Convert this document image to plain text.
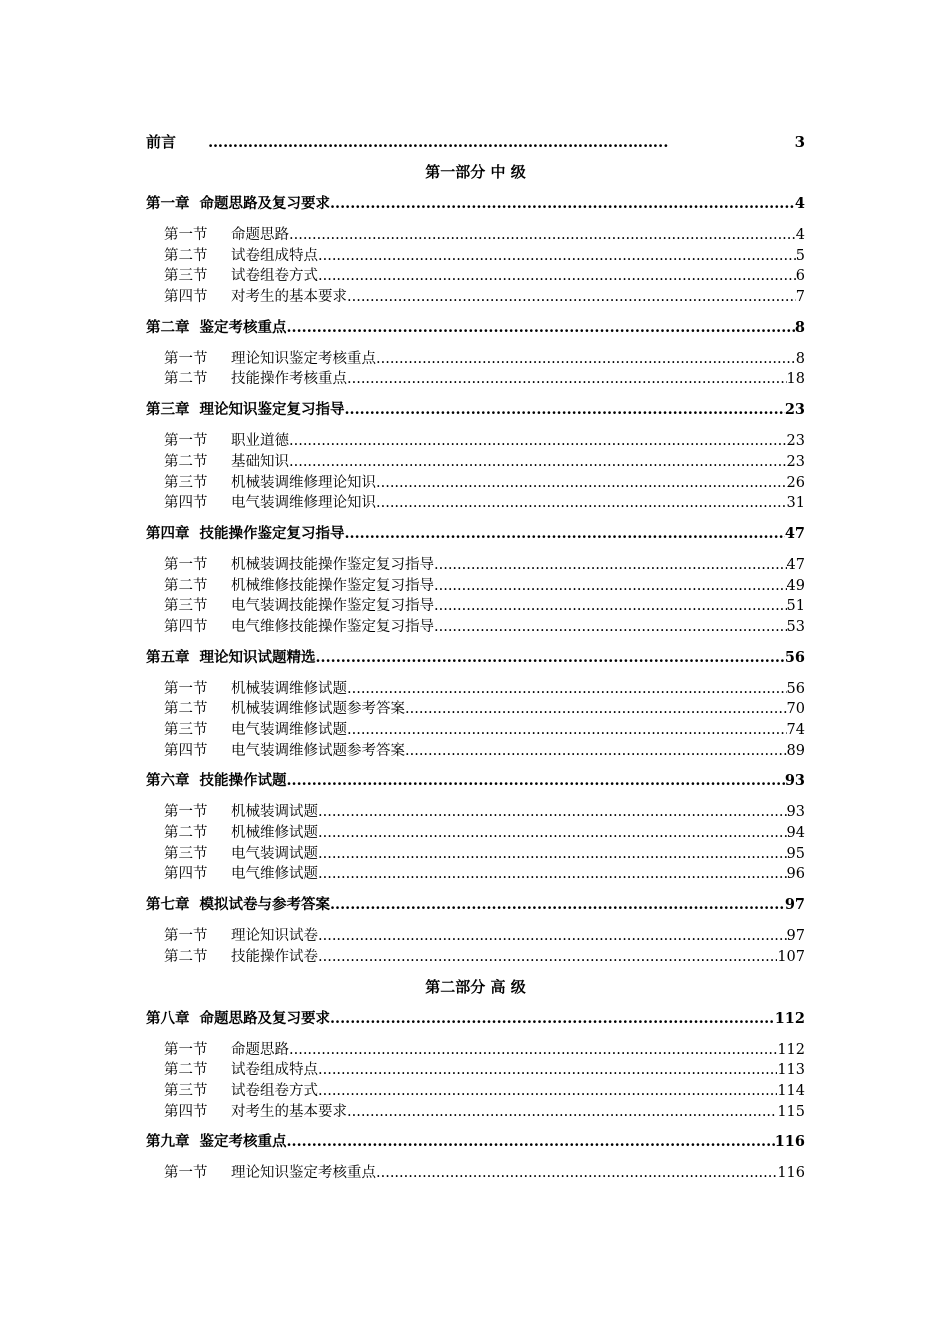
前言	………………………………………………………………………………..	3
第一部分 中 级
第一章 命题思路及复习要求 .....	4
第一节	命题思路 .....	4
第二节	试卷组成特点 .....	5
第三节	试卷组卷方式 .....	6
第四节	对考生的基本要求 .....	7
第二章 鉴定考核重点 .....	8
第一节	理论知识鉴定考核重点 .....	8
第二节	技能操作考核重点 .....	18
第三章 理论知识鉴定复习指导 .....	23
第一节	职业道德 .....	23
第二节	基础知识 .....	23
第三节	机械装调维修理论知识 .....	26
第四节	电气装调维修理论知识 .....	31
第四章 技能操作鉴定复习指导 .....	47
第一节	机械装调技能操作鉴定复习指导 .....	47
第二节	机械维修技能操作鉴定复习指导 .....	49
第三节	电气装调技能操作鉴定复习指导 .....	51
第四节	电气维修技能操作鉴定复习指导 .....	53
第五章 理论知识试题精选 .....	56
第一节	机械装调维修试题 .....	56
第二节	机械装调维修试题参考答案 .....	70
第三节	电气装调维修试题 .....	74
第四节	电气装调维修试题参考答案 .....	89
第六章 技能操作试题 .....	93
第一节	机械装调试题 .....	93
第二节	机械维修试题 .....	94
第三节	电气装调试题 .....	95
第四节	电气维修试题 .....	96
第七章 模拟试卷与参考答案 .....	97
第一节	理论知识试卷 .....	97
第二节	技能操作试卷 .....	107
第二部分 高 级
第八章 命题思路及复习要求 .....	112
第一节	命题思路 .....	112
第二节	试卷组成特点 .....	113
第三节	试卷组卷方式 .....	114
第四节	对考生的基本要求 .....	115
第九章 鉴定考核重点 .....	116
第一节	理论知识鉴定考核重点 .....	116
